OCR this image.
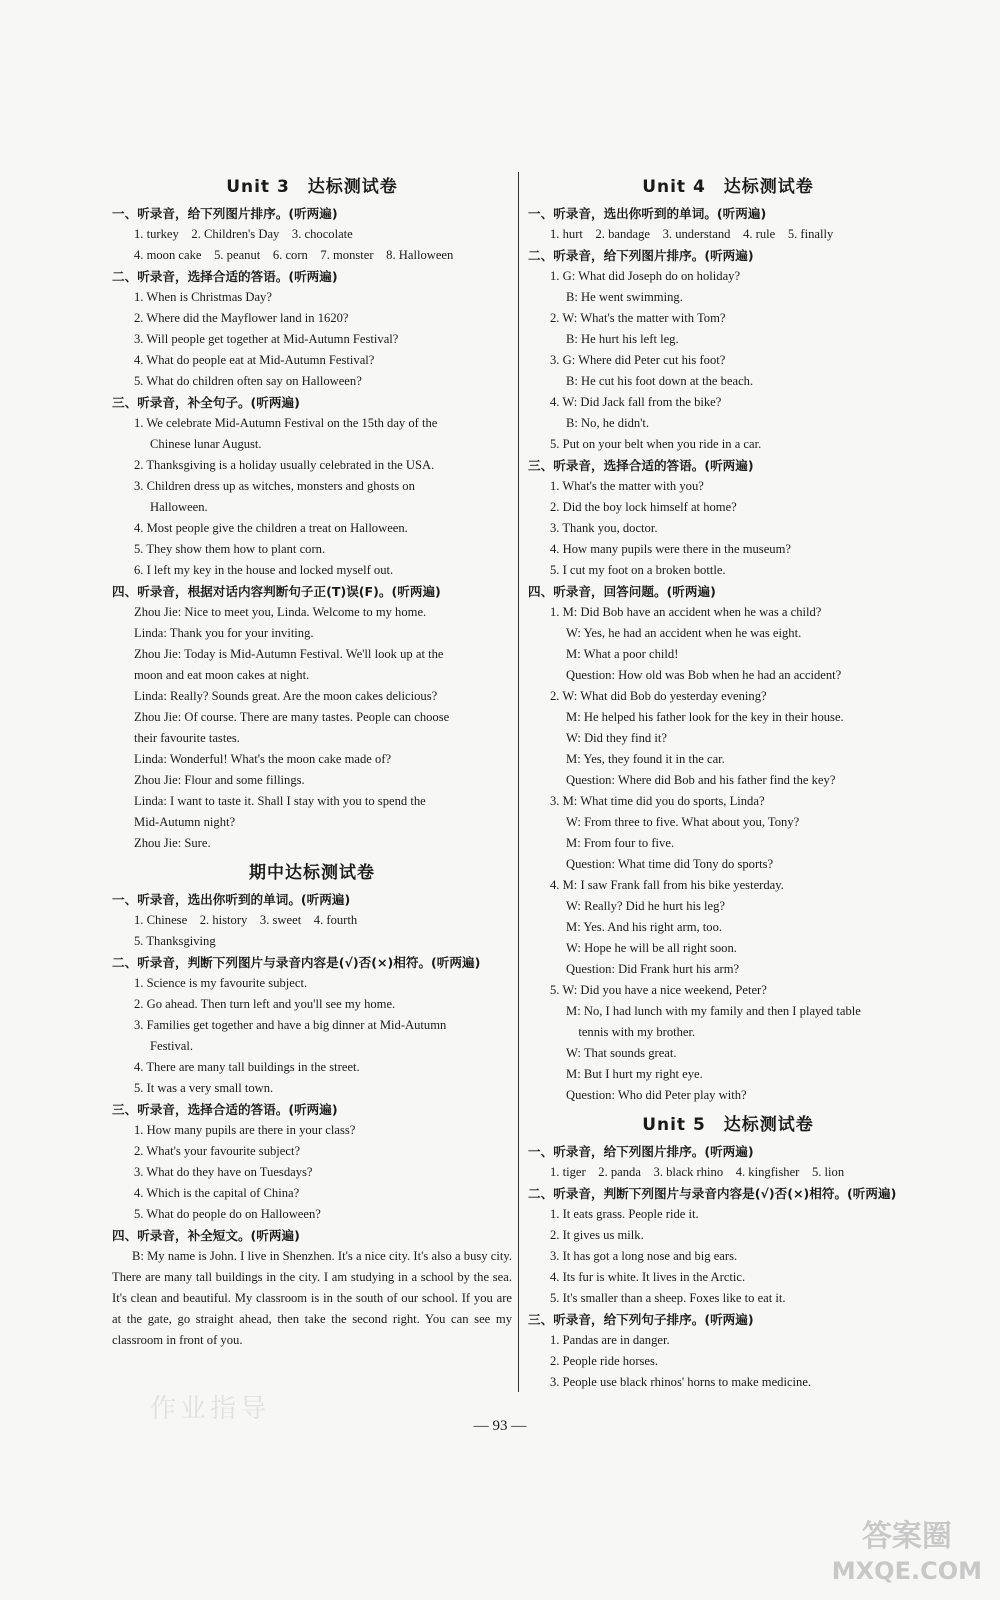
Unit 3　达标测试卷
一、听录音，给下列图片排序。(听两遍)
1. turkey　2. Children's Day　3. chocolate
4. moon cake　5. peanut　6. corn　7. monster　8. Halloween
二、听录音，选择合适的答语。(听两遍)
1. When is Christmas Day?
2. Where did the Mayflower land in 1620?
3. Will people get together at Mid-Autumn Festival?
4. What do people eat at Mid-Autumn Festival?
5. What do children often say on Halloween?
三、听录音，补全句子。(听两遍)
1. We celebrate Mid-Autumn Festival on the 15th day of the
Chinese lunar August.
2. Thanksgiving is a holiday usually celebrated in the USA.
3. Children dress up as witches, monsters and ghosts on
Halloween.
4. Most people give the children a treat on Halloween.
5. They show them how to plant corn.
6. I left my key in the house and locked myself out.
四、听录音，根据对话内容判断句子正(T)误(F)。(听两遍)
Zhou Jie: Nice to meet you, Linda. Welcome to my home.
Linda: Thank you for your inviting.
Zhou Jie: Today is Mid-Autumn Festival. We'll look up at the
moon and eat moon cakes at night.
Linda: Really? Sounds great. Are the moon cakes delicious?
Zhou Jie: Of course. There are many tastes. People can choose
their favourite tastes.
Linda: Wonderful! What's the moon cake made of?
Zhou Jie: Flour and some fillings.
Linda: I want to taste it. Shall I stay with you to spend the
Mid-Autumn night?
Zhou Jie: Sure.
期中达标测试卷
一、听录音，选出你听到的单词。(听两遍)
1. Chinese　2. history　3. sweet　4. fourth
5. Thanksgiving
二、听录音，判断下列图片与录音内容是(√)否(×)相符。(听两遍)
1. Science is my favourite subject.
2. Go ahead. Then turn left and you'll see my home.
3. Families get together and have a big dinner at Mid-Autumn
Festival.
4. There are many tall buildings in the street.
5. It was a very small town.
三、听录音，选择合适的答语。(听两遍)
1. How many pupils are there in your class?
2. What's your favourite subject?
3. What do they have on Tuesdays?
4. Which is the capital of China?
5. What do people do on Halloween?
四、听录音，补全短文。(听两遍)
B: My name is John. I live in Shenzhen. It's a nice city. It's also a busy city. There are many tall buildings in the city. I am studying in a school by the sea. It's clean and beautiful. My classroom is in the south of our school. If you are at the gate, go straight ahead, then take the second right. You can see my classroom in front of you.
Unit 4　达标测试卷
一、听录音，选出你听到的单词。(听两遍)
1. hurt　2. bandage　3. understand　4. rule　5. finally
二、听录音，给下列图片排序。(听两遍)
1. G: What did Joseph do on holiday?
B: He went swimming.
2. W: What's the matter with Tom?
B: He hurt his left leg.
3. G: Where did Peter cut his foot?
B: He cut his foot down at the beach.
4. W: Did Jack fall from the bike?
B: No, he didn't.
5. Put on your belt when you ride in a car.
三、听录音，选择合适的答语。(听两遍)
1. What's the matter with you?
2. Did the boy lock himself at home?
3. Thank you, doctor.
4. How many pupils were there in the museum?
5. I cut my foot on a broken bottle.
四、听录音，回答问题。(听两遍)
1. M: Did Bob have an accident when he was a child?
W: Yes, he had an accident when he was eight.
M: What a poor child!
Question: How old was Bob when he had an accident?
2. W: What did Bob do yesterday evening?
M: He helped his father look for the key in their house.
W: Did they find it?
M: Yes, they found it in the car.
Question: Where did Bob and his father find the key?
3. M: What time did you do sports, Linda?
W: From three to five. What about you, Tony?
M: From four to five.
Question: What time did Tony do sports?
4. M: I saw Frank fall from his bike yesterday.
W: Really? Did he hurt his leg?
M: Yes. And his right arm, too.
W: Hope he will be all right soon.
Question: Did Frank hurt his arm?
5. W: Did you have a nice weekend, Peter?
M: No, I had lunch with my family and then I played table
tennis with my brother.
W: That sounds great.
M: But I hurt my right eye.
Question: Who did Peter play with?
Unit 5　达标测试卷
一、听录音，给下列图片排序。(听两遍)
1. tiger　2. panda　3. black rhino　4. kingfisher　5. lion
二、听录音，判断下列图片与录音内容是(√)否(×)相符。(听两遍)
1. It eats grass. People ride it.
2. It gives us milk.
3. It has got a long nose and big ears.
4. Its fur is white. It lives in the Arctic.
5. It's smaller than a sheep. Foxes like to eat it.
三、听录音，给下列句子排序。(听两遍)
1. Pandas are in danger.
2. People ride horses.
3. People use black rhinos' horns to make medicine.
— 93 —
作业指导
答案圈
MXQE.COM
